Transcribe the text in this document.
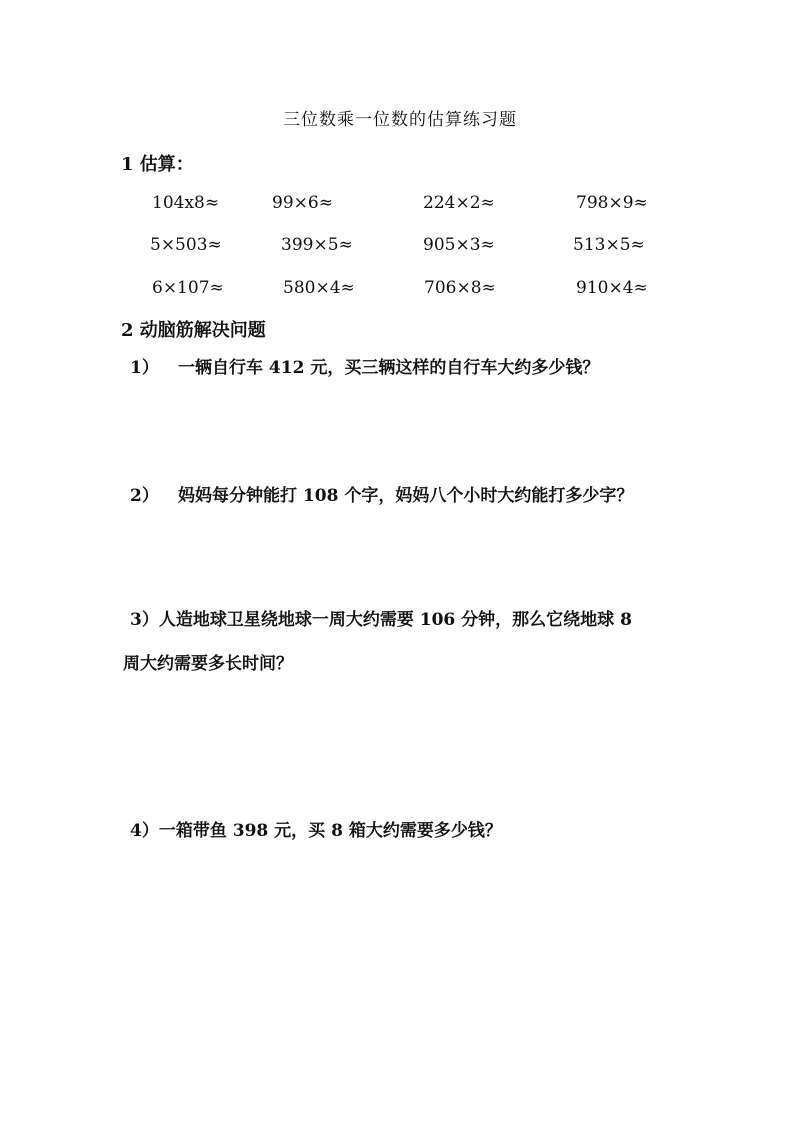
三位数乘一位数的估算练习题
1 估算：
104x8≈	99×6≈	224×2≈	798×9≈
5×503≈	399×5≈	905×3≈	513×5≈
6×107≈	580×4≈	706×8≈	910×4≈
2 动脑筋解决问题
1） 一辆自行车 412 元，买三辆这样的自行车大约多少钱？
2） 妈妈每分钟能打 108 个字，妈妈八个小时大约能打多少字？
3）人造地球卫星绕地球一周大约需要 106 分钟，那么它绕地球 8
周大约需要多长时间？
4）一箱带鱼 398 元，买 8 箱大约需要多少钱？
